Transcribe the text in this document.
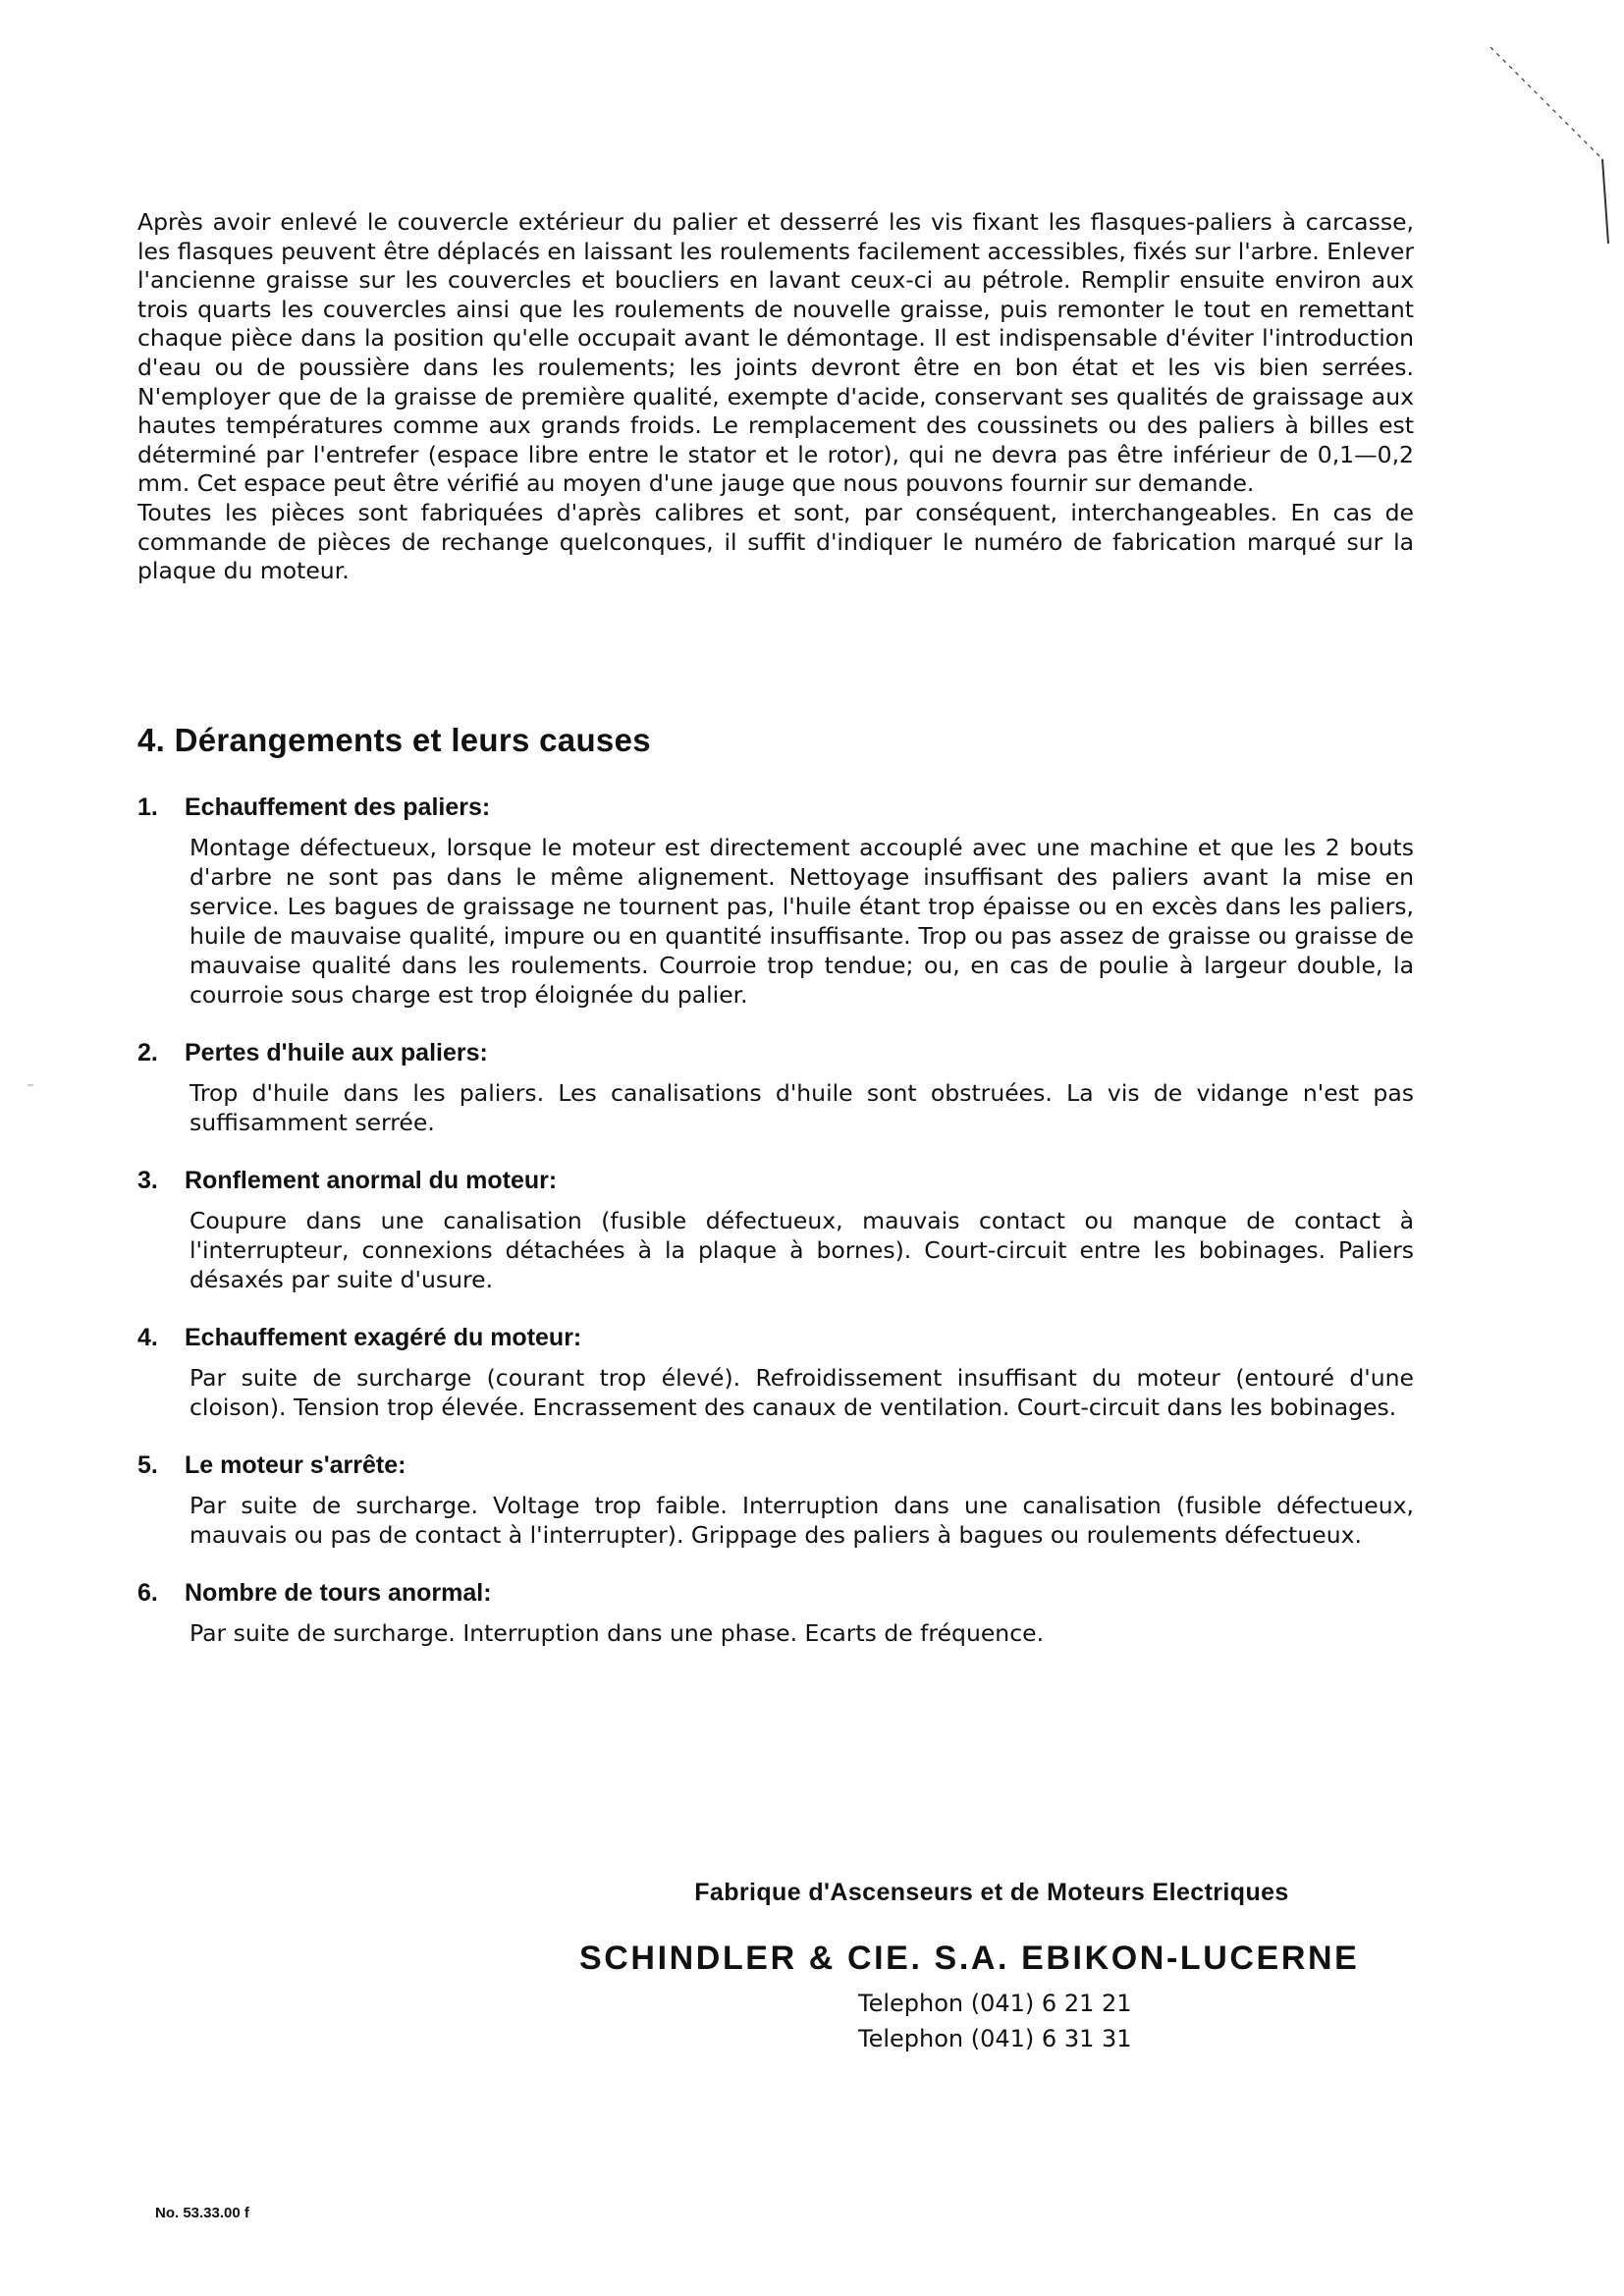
Après avoir enlevé le couvercle extérieur du palier et desserré les vis fixant les flasques-paliers à carcasse, les flasques peuvent être déplacés en laissant les roulements facilement accessibles, fixés sur l'arbre. Enlever l'ancienne graisse sur les couvercles et boucliers en lavant ceux-ci au pétrole. Remplir ensuite environ aux trois quarts les couvercles ainsi que les roulements de nouvelle graisse, puis remonter le tout en remettant chaque pièce dans la position qu'elle occupait avant le démontage. Il est indispensable d'éviter l'introduction d'eau ou de poussière dans les roulements; les joints devront être en bon état et les vis bien serrées. N'employer que de la graisse de première qualité, exempte d'acide, conservant ses qualités de graissage aux hautes températures comme aux grands froids. Le remplacement des coussinets ou des paliers à billes est déterminé par l'entrefer (espace libre entre le stator et le rotor), qui ne devra pas être inférieur de 0,1—0,2 mm. Cet espace peut être vérifié au moyen d'une jauge que nous pouvons fournir sur demande.

Toutes les pièces sont fabriquées d'après calibres et sont, par conséquent, interchangeables. En cas de commande de pièces de rechange quelconques, il suffit d'indiquer le numéro de fabrication marqué sur la plaque du moteur.

4. Dérangements et leurs causes
1.	Echauffement des paliers:

Montage défectueux, lorsque le moteur est directement accouplé avec une machine et que les 2 bouts d'arbre ne sont pas dans le même alignement. Nettoyage insuffisant des paliers avant la mise en service. Les bagues de graissage ne tournent pas, l'huile étant trop épaisse ou en excès dans les paliers, huile de mauvaise qualité, impure ou en quantité insuffisante. Trop ou pas assez de graisse ou graisse de mauvaise qualité dans les roulements. Courroie trop tendue; ou, en cas de poulie à largeur double, la courroie sous charge est trop éloignée du palier.

2.	Pertes d'huile aux paliers:

Trop d'huile dans les paliers. Les canalisations d'huile sont obstruées. La vis de vidange n'est pas suffisamment serrée.

3.	Ronflement anormal du moteur:

Coupure dans une canalisation (fusible défectueux, mauvais contact ou manque de contact à l'interrupteur, connexions détachées à la plaque à bornes). Court-circuit entre les bobinages. Paliers désaxés par suite d'usure.

4.	Echauffement exagéré du moteur:

Par suite de surcharge (courant trop élevé). Refroidissement insuffisant du moteur (entouré d'une cloison). Tension trop élevée. Encrassement des canaux de ventilation. Court-circuit dans les bobinages.

5.	Le moteur s'arrête:

Par suite de surcharge. Voltage trop faible. Interruption dans une canalisation (fusible défectueux, mauvais ou pas de contact à l'interrupter). Grippage des paliers à bagues ou roulements défectueux.

6.	Nombre de tours anormal:

Par suite de surcharge. Interruption dans une phase. Ecarts de fréquence.

Fabrique d'Ascenseurs et de Moteurs Electriques

SCHINDLER & CIE. S.A. EBIKON-LUCERNE

Telephon (041) 6 21 21
Telephon (041) 6 31 31
No. 53.33.00 f
